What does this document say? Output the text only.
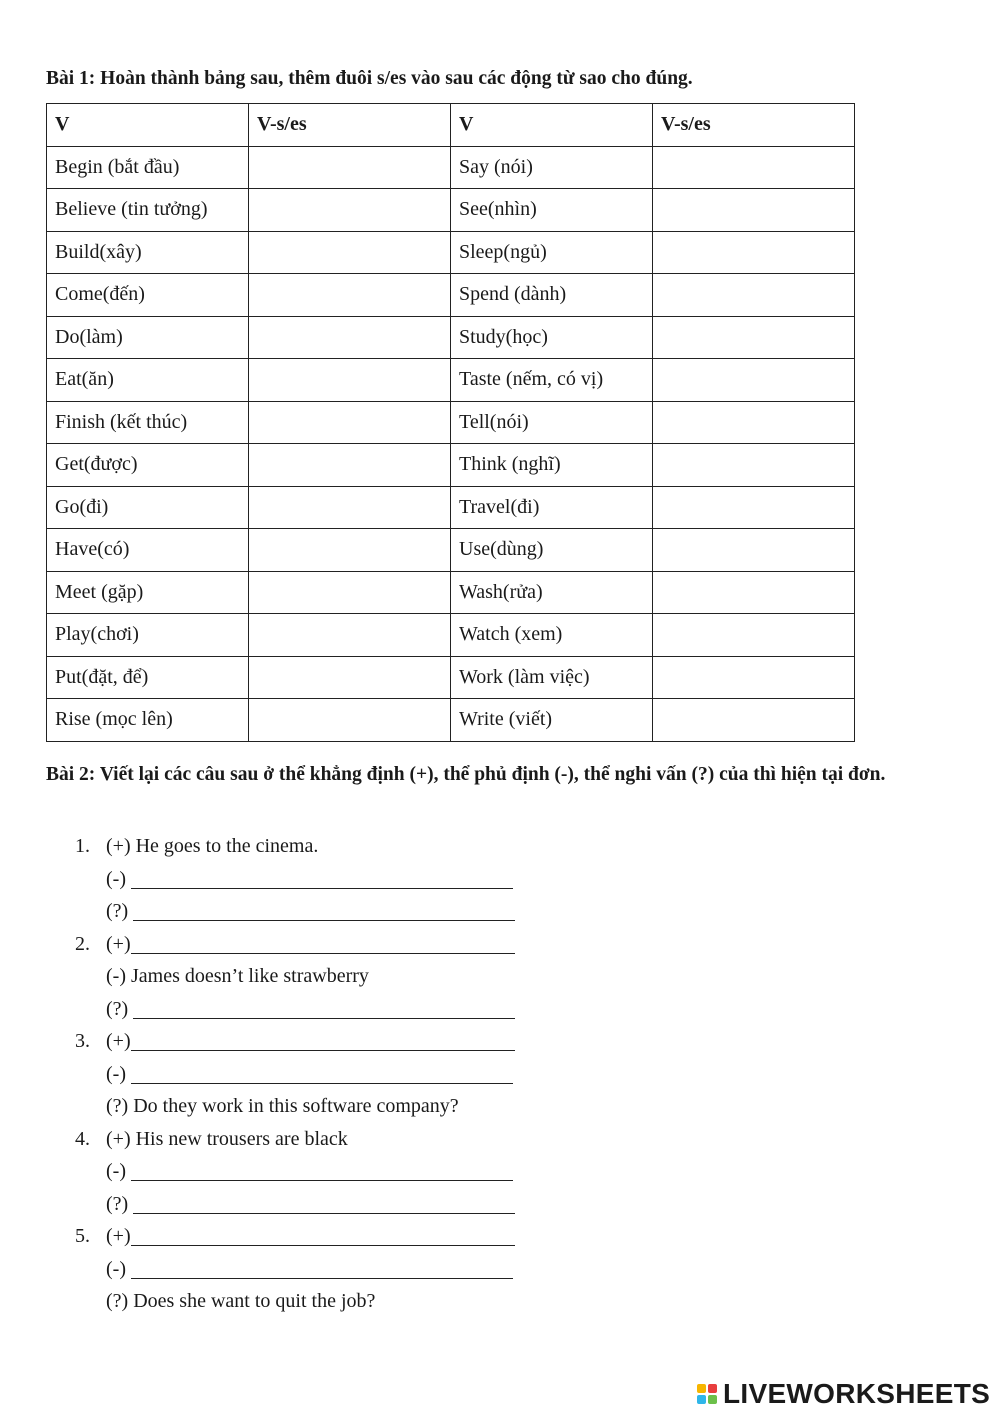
Bài 1: Hoàn thành bảng sau, thêm đuôi s/es vào sau các động từ sao cho đúng.
V	V-s/es	V	V-s/es
Begin (bắt đầu)		Say (nói)	
Believe (tin tưởng)		See(nhìn)	
Build(xây)		Sleep(ngủ)	
Come(đến)		Spend (dành)	
Do(làm)		Study(học)	
Eat(ăn)		Taste (nếm, có vị)	
Finish (kết thúc)		Tell(nói)	
Get(được)		Think (nghĩ)	
Go(đi)		Travel(đi)	
Have(có)		Use(dùng)	
Meet (gặp)		Wash(rửa)	
Play(chơi)		Watch (xem)	
Put(đặt, để)		Work (làm việc)	
Rise (mọc lên)		Write (viết)	
Bài 2: Viết lại các câu sau ở thể khẳng định (+), thể phủ định (-), thể nghi vấn (?) của thì hiện tại đơn.
1. (+) He goes to the cinema.
(-)
(?)
2. (+)
(-) James doesn’t like strawberry
(?)
3. (+)
(-)
(?) Do they work in this software company?
4. (+) His new trousers are black
(-)
(?)
5. (+)
(-)
(?) Does she want to quit the job?
LIVEWORKSHEETS
